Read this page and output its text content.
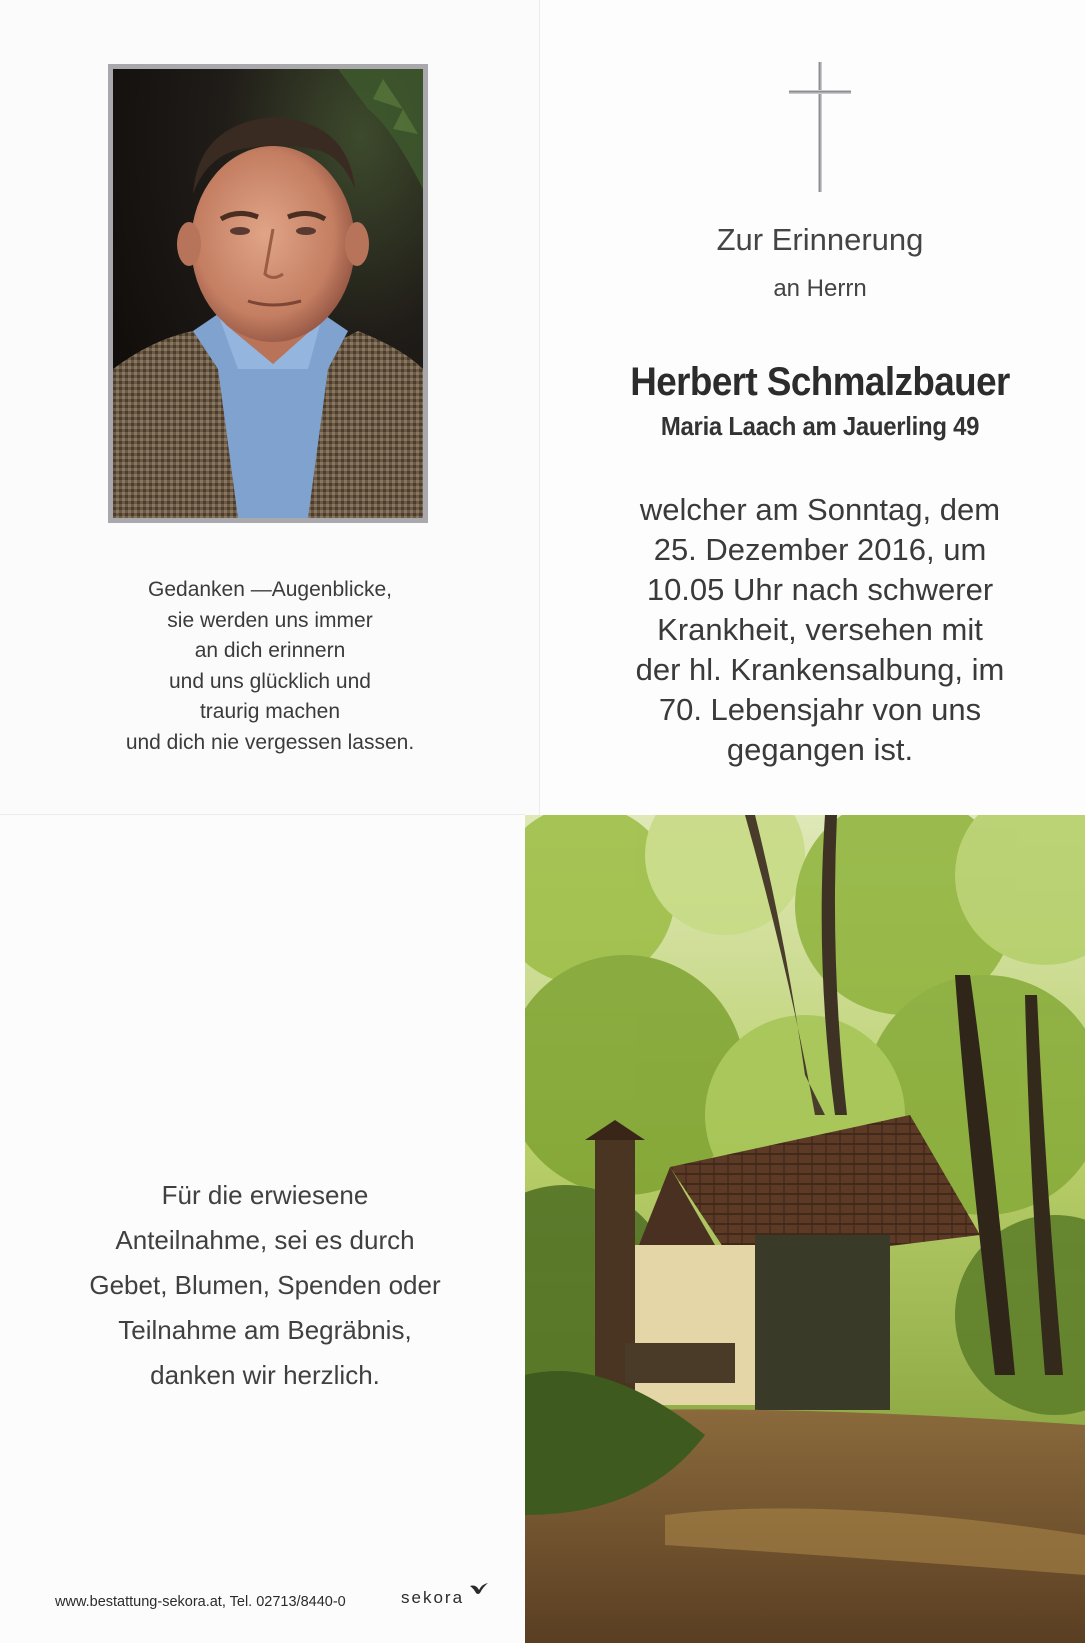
Gedanken —Augenblicke,
sie werden uns immer
an dich erinnern
und uns glücklich und
traurig machen
und dich nie vergessen lassen.
Zur Erinnerung
an Herrn
Herbert Schmalzbauer
Maria Laach am Jauerling 49
welcher am Sonntag, dem
25. Dezember 2016, um
10.05 Uhr nach schwerer
Krankheit, versehen mit
der hl. Krankensalbung, im
70. Lebensjahr von uns
gegangen ist.
Für die erwiesene
Anteilnahme, sei es durch
Gebet, Blumen, Spenden oder
Teilnahme am Begräbnis,
danken wir herzlich.
www.bestattung-sekora.at, Tel. 02713/8440-0	sekora
